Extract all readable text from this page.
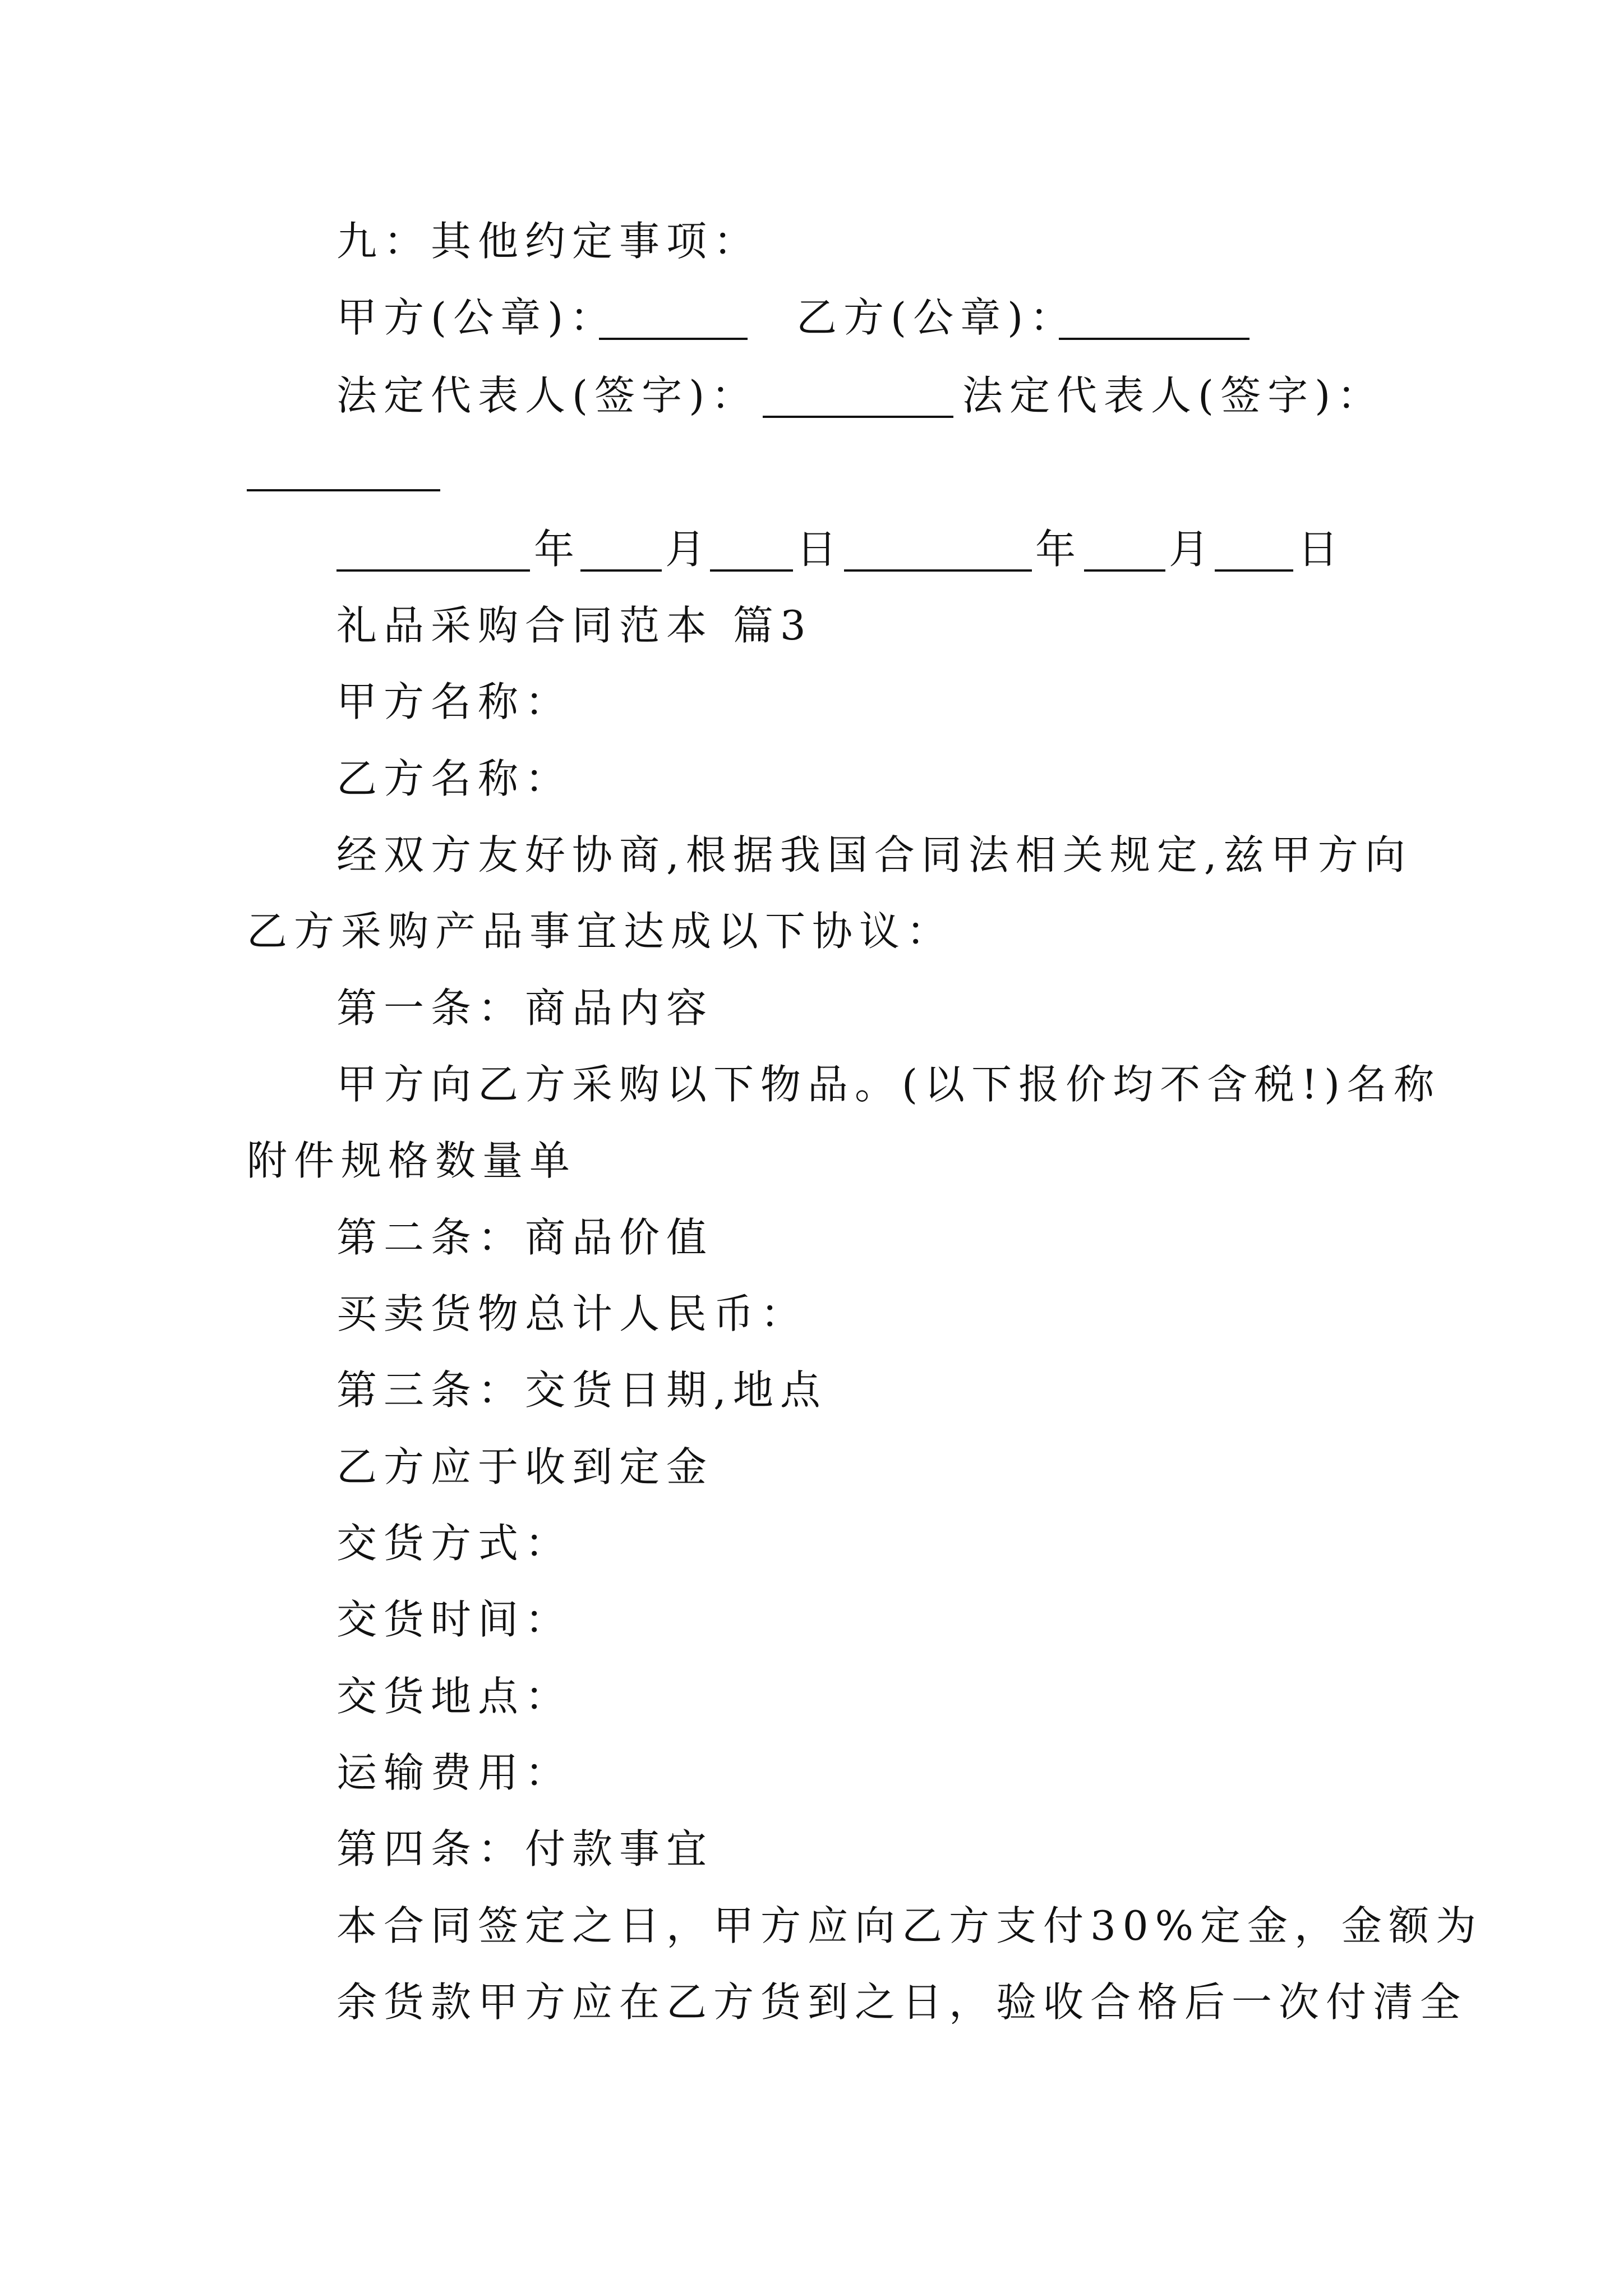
九：其他约定事项：
甲方(公章)：	乙方(公章)：
法定代表人(签字)：	法定代表人(签字)：
年 月 日	年 月 日
礼品采购合同范本 篇3
甲方名称：
乙方名称：
经双方友好协商,根据我国合同法相关规定,兹甲方向
乙方采购产品事宜达成以下协议：
第一条：商品内容
甲方向乙方采购以下物品。(以下报价均不含税!)名称
附件规格数量单
第二条：商品价值
买卖货物总计人民币：
第三条：交货日期,地点
乙方应于收到定金
交货方式：
交货时间：
交货地点：
运输费用：
第四条：付款事宜
本合同签定之日，甲方应向乙方支付30%定金，金额为
余货款甲方应在乙方货到之日，验收合格后一次付清全
